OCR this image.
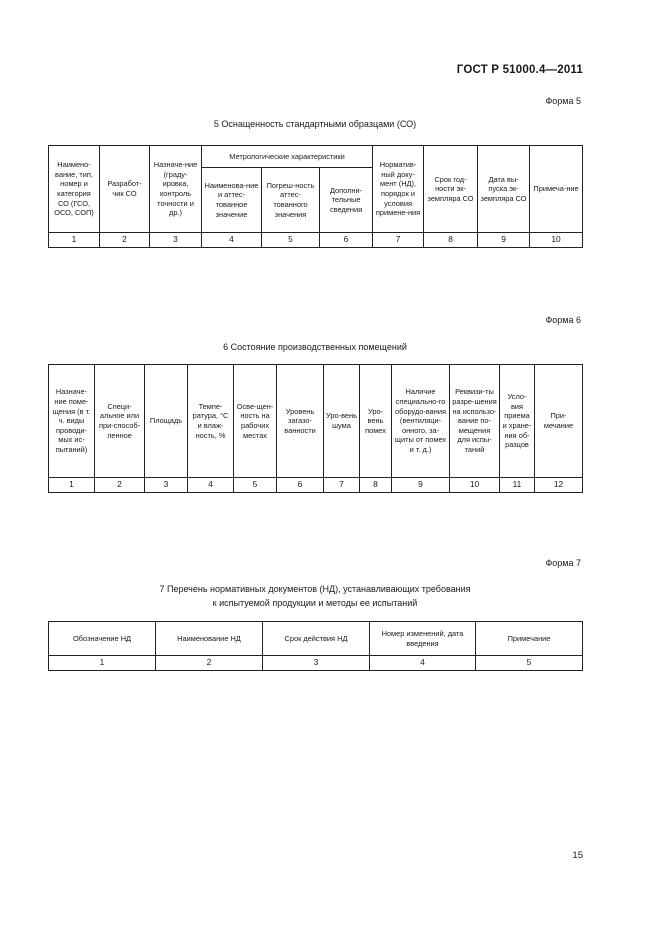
ГОСТ Р 51000.4—2011
Форма 5
5 Оснащенность стандартными образцами (СО)
Наимено-вание, тип, номер и категория СО (ГСО, ОСО, СОП)	Разработ-чик СО	Назначе-ние (граду-ировка, контроль точности и др.)	Метрологические характеристики			Норматив-ный доку-мент (НД), порядок и условия примене-ния	Срок год-ности эк-земпляра СО	Дата вы-пуска эк-земпляра СО	Примеча-ние
			Наименова-ние и аттес-тованное значение	Погреш-ность аттес-тованного значения	Дополни-тельные сведения				
1	2	3	4	5	6	7	8	9	10
Форма 6
6 Состояние производственных помещений
Назначе-ние поме-щения (в т. ч. виды проводи-мых ис-пытаний)	Специ-альное или при-способ-ленное	Площадь	Темпе-ратура, °С и влаж-ность, %	Осве-щен-ность на рабочих местах	Уровень загазо-ванности	Уро-вень шума	Уро-вень помех	Наличие специально-го оборудо-вания (вентиляци-онного, за-щиты от помех и т. д.)	Реквизи-ты разре-шения на использо-вание по-мещения для испы-таний	Усло-вия приема и хране-ния об-разцов	При-мечание
1	2	3	4	5	6	7	8	9	10	11	12
Форма 7
7 Перечень нормативных документов (НД), устанавливающих требования
к испытуемой продукции и методы ее испытаний
Обозначение НД	Наименование НД	Срок действия НД	Номер изменений, дата введения	Примечание
1	2	3	4	5
15
